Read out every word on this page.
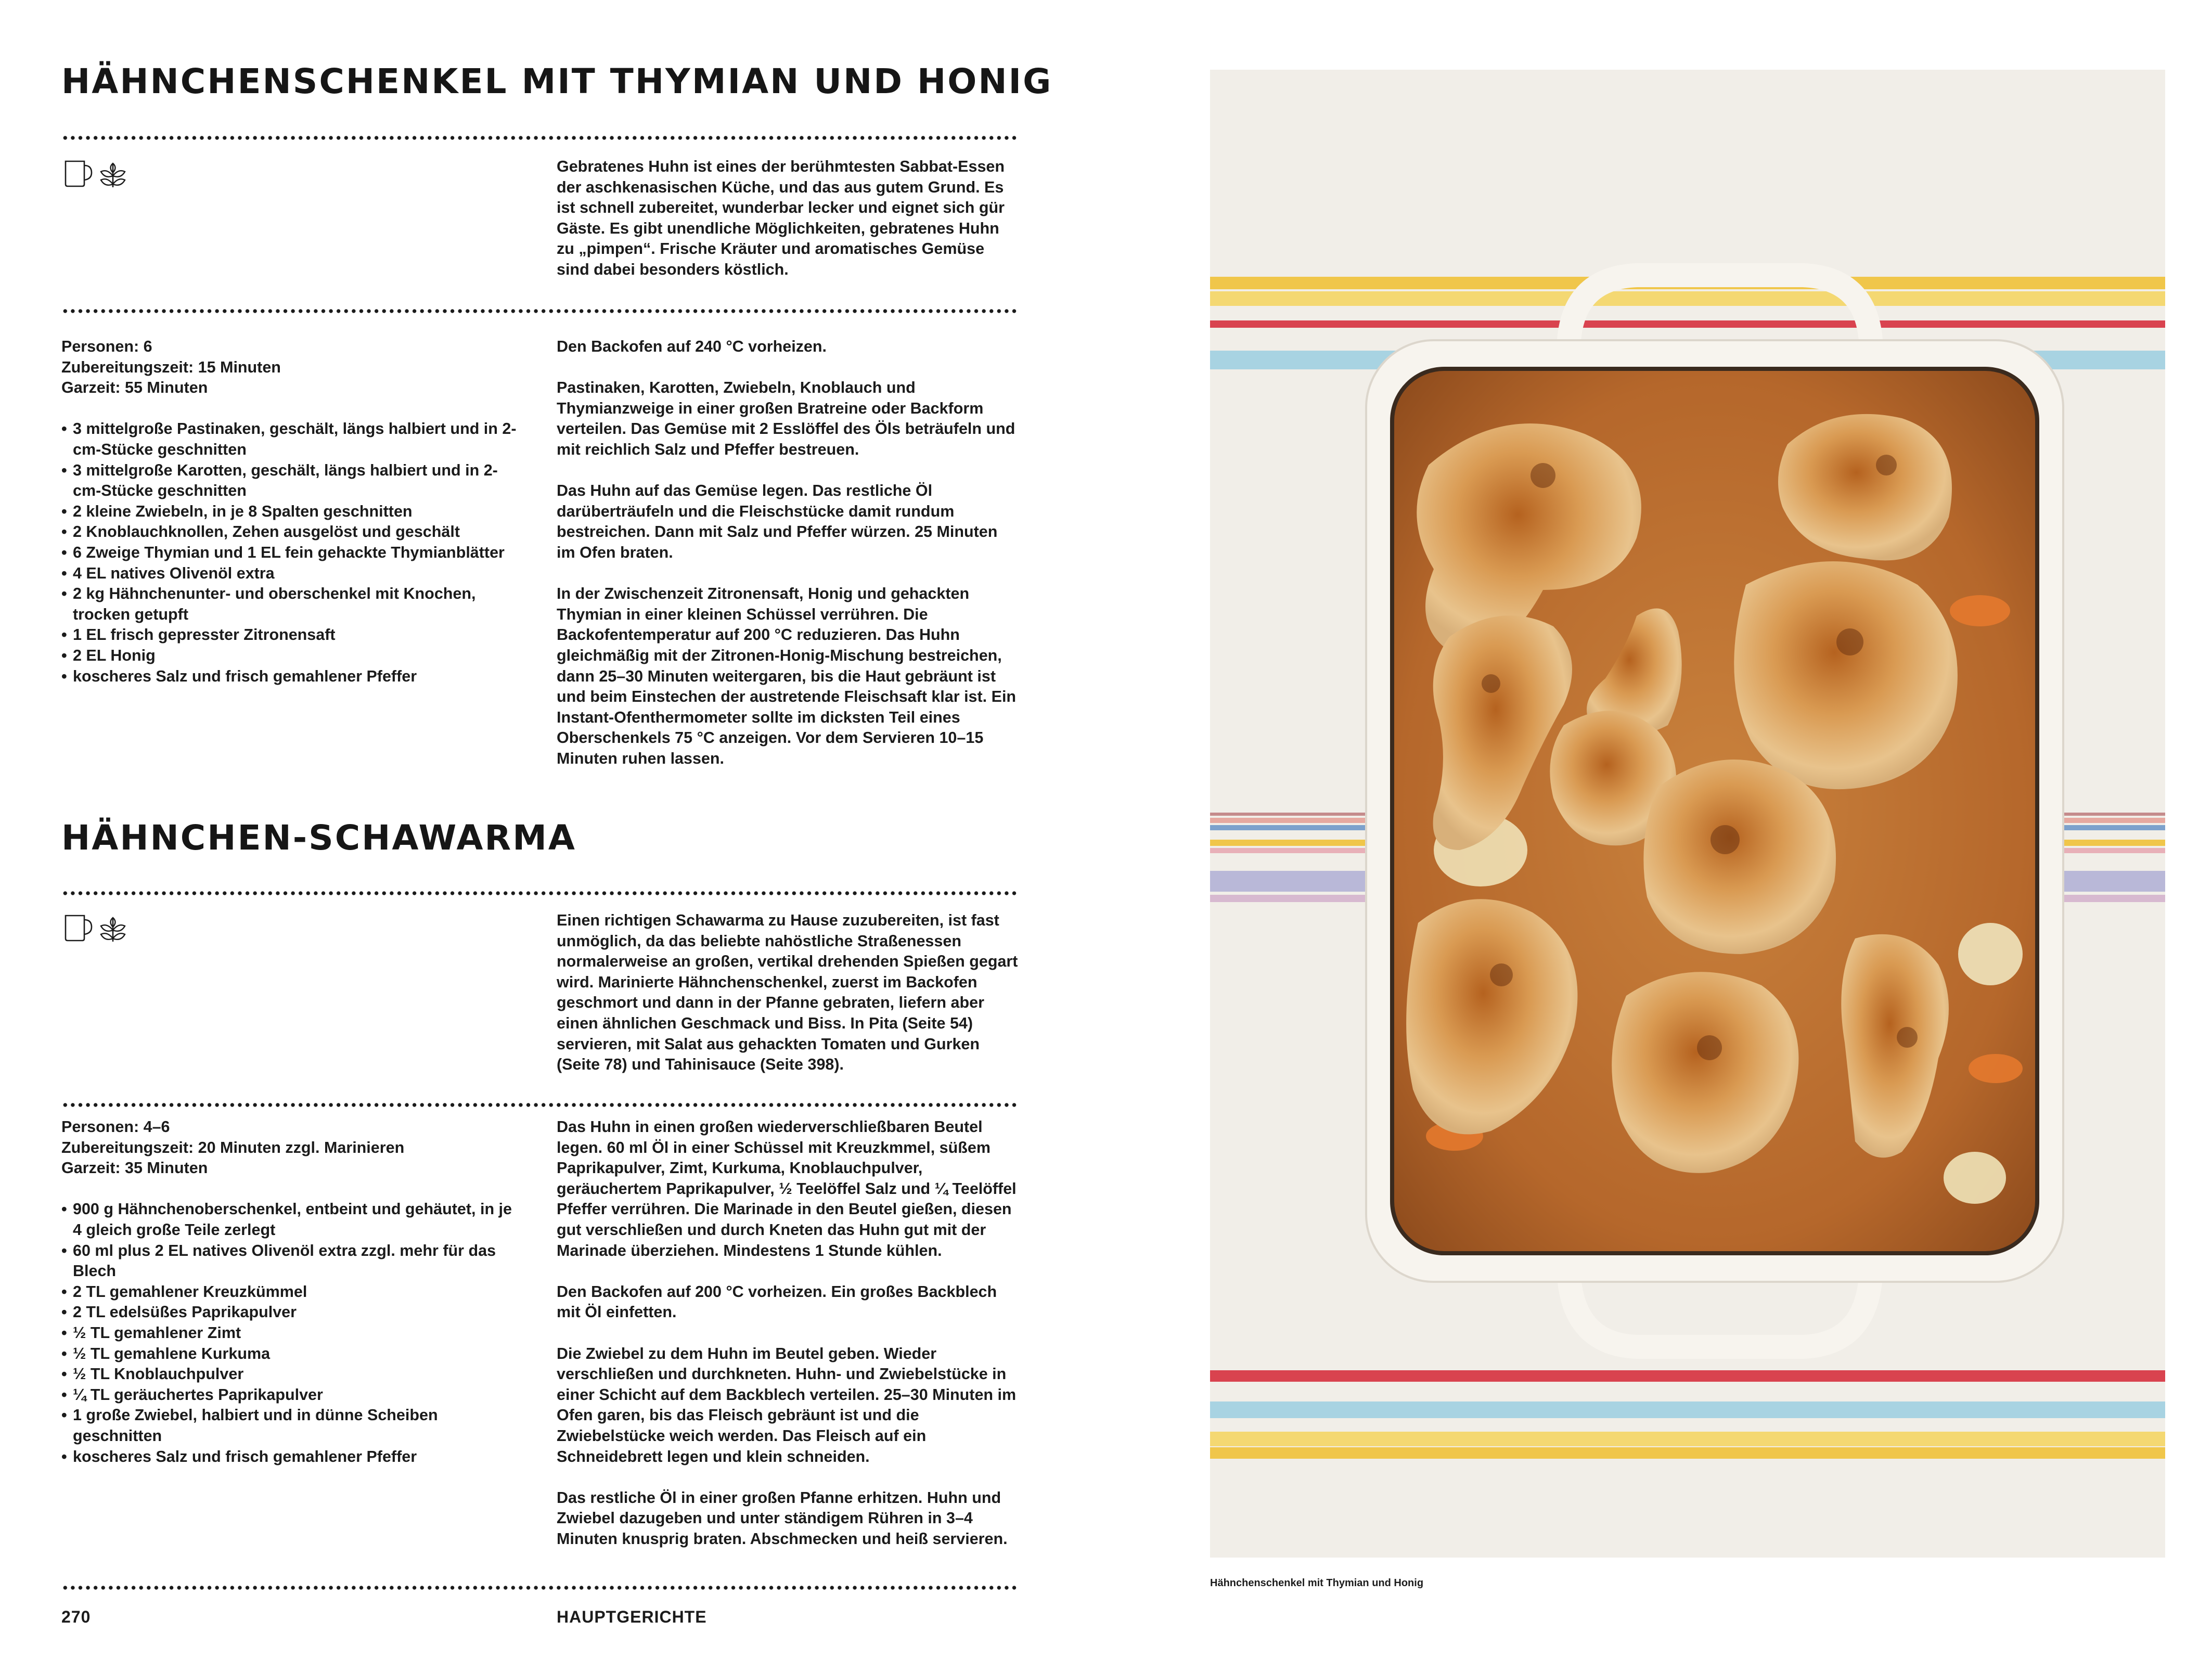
HÄHNCHENSCHENKEL MIT THYMIAN UND HONIG

Gebratenes Huhn ist eines der berühmtesten Sabbat-Essen der aschkenasischen Küche, und das aus gutem Grund. Es ist schnell zubereitet, wunderbar lecker und eignet sich gür Gäste. Es gibt unendliche Möglichkeiten, gebratenes Huhn zu „pimpen“. Frische Kräuter und aromatisches Gemüse sind dabei besonders köstlich.

Personen: 6

Zubereitungszeit: 15 Minuten

Garzeit: 55 Minuten

• 3 mittelgroße Pastinaken, geschält, längs halbiert und in 2-cm-Stücke geschnitten
• 3 mittelgroße Karotten, geschält, längs halbiert und in 2-cm-Stücke geschnitten
• 2 kleine Zwiebeln, in je 8 Spalten geschnitten
• 2 Knoblauchknollen, Zehen ausgelöst und geschält
• 6 Zweige Thymian und 1 EL fein gehackte Thymianblätter
• 4 EL natives Olivenöl extra
• 2 kg Hähnchenunter- und oberschenkel mit Knochen, trocken getupft
• 1 EL frisch gepresster Zitronensaft
• 2 EL Honig
• koscheres Salz und frisch gemahlener Pfeffer

Den Backofen auf 240 °C vorheizen.

Pastinaken, Karotten, Zwiebeln, Knoblauch und Thymianzweige in einer großen Bratreine oder Backform verteilen. Das Gemüse mit 2 Esslöffel des Öls beträufeln und mit reichlich Salz und Pfeffer bestreuen.

Das Huhn auf das Gemüse legen. Das restliche Öl darüberträufeln und die Fleischstücke damit rundum bestreichen. Dann mit Salz und Pfeffer würzen. 25 Minuten im Ofen braten.

In der Zwischenzeit Zitronensaft, Honig und gehackten Thymian in einer kleinen Schüssel verrühren. Die Backofentemperatur auf 200 °C reduzieren. Das Huhn gleichmäßig mit der Zitronen-Honig-Mischung bestreichen, dann 25–30 Minuten weitergaren, bis die Haut gebräunt ist und beim Einstechen der austretende Fleischsaft klar ist. Ein Instant-Ofenthermometer sollte im dicksten Teil eines Oberschenkels 75 °C anzeigen. Vor dem Servieren 10–15 Minuten ruhen lassen.

HÄHNCHEN-SCHAWARMA

Einen richtigen Schawarma zu Hause zuzubereiten, ist fast unmöglich, da das beliebte nahöstliche Straßenessen normalerweise an großen, vertikal drehenden Spießen gegart wird. Marinierte Hähnchenschenkel, zuerst im Backofen geschmort und dann in der Pfanne gebraten, liefern aber einen ähnlichen Geschmack und Biss. In Pita (Seite 54) servieren, mit Salat aus gehackten Tomaten und Gurken (Seite 78) und Tahinisauce (Seite 398).

Personen: 4–6

Zubereitungszeit: 20 Minuten zzgl. Marinieren

Garzeit: 35 Minuten

• 900 g Hähnchenoberschenkel, entbeint und gehäutet, in je 4 gleich große Teile zerlegt
• 60 ml plus 2 EL natives Olivenöl extra zzgl. mehr für das Blech
• 2 TL gemahlener Kreuzkümmel
• 2 TL edelsüßes Paprikapulver
• ½ TL gemahlener Zimt
• ½ TL gemahlene Kurkuma
• ½ TL Knoblauchpulver
• ¼ TL geräuchertes Paprikapulver
• 1 große Zwiebel, halbiert und in dünne Scheiben geschnitten
• koscheres Salz und frisch gemahlener Pfeffer

Das Huhn in einen großen wiederverschließbaren Beutel legen. 60 ml Öl in einer Schüssel mit Kreuzkmmel, süßem Paprikapulver, Zimt, Kurkuma, Knoblauchpulver, geräuchertem Paprikapulver, ½ Teelöffel Salz und ¼ Teelöffel Pfeffer verrühren. Die Marinade in den Beutel gießen, diesen gut verschließen und durch Kneten das Huhn gut mit der Marinade überziehen. Mindestens 1 Stunde kühlen.

Den Backofen auf 200 °C vorheizen. Ein großes Backblech mit Öl einfetten.

Die Zwiebel zu dem Huhn im Beutel geben. Wieder verschließen und durchkneten. Huhn- und Zwiebelstücke in einer Schicht auf dem Backblech verteilen. 25–30 Minuten im Ofen garen, bis das Fleisch gebräunt ist und die Zwiebelstücke weich werden. Das Fleisch auf ein Schneidebrett legen und klein schneiden.

Das restliche Öl in einer großen Pfanne erhitzen. Huhn und Zwiebel dazugeben und unter ständigem Rühren in 3–4 Minuten knusprig braten. Abschmecken und heiß servieren.

270	HAUPTGERICHTE
Hähnchenschenkel mit Thymian und Honig
